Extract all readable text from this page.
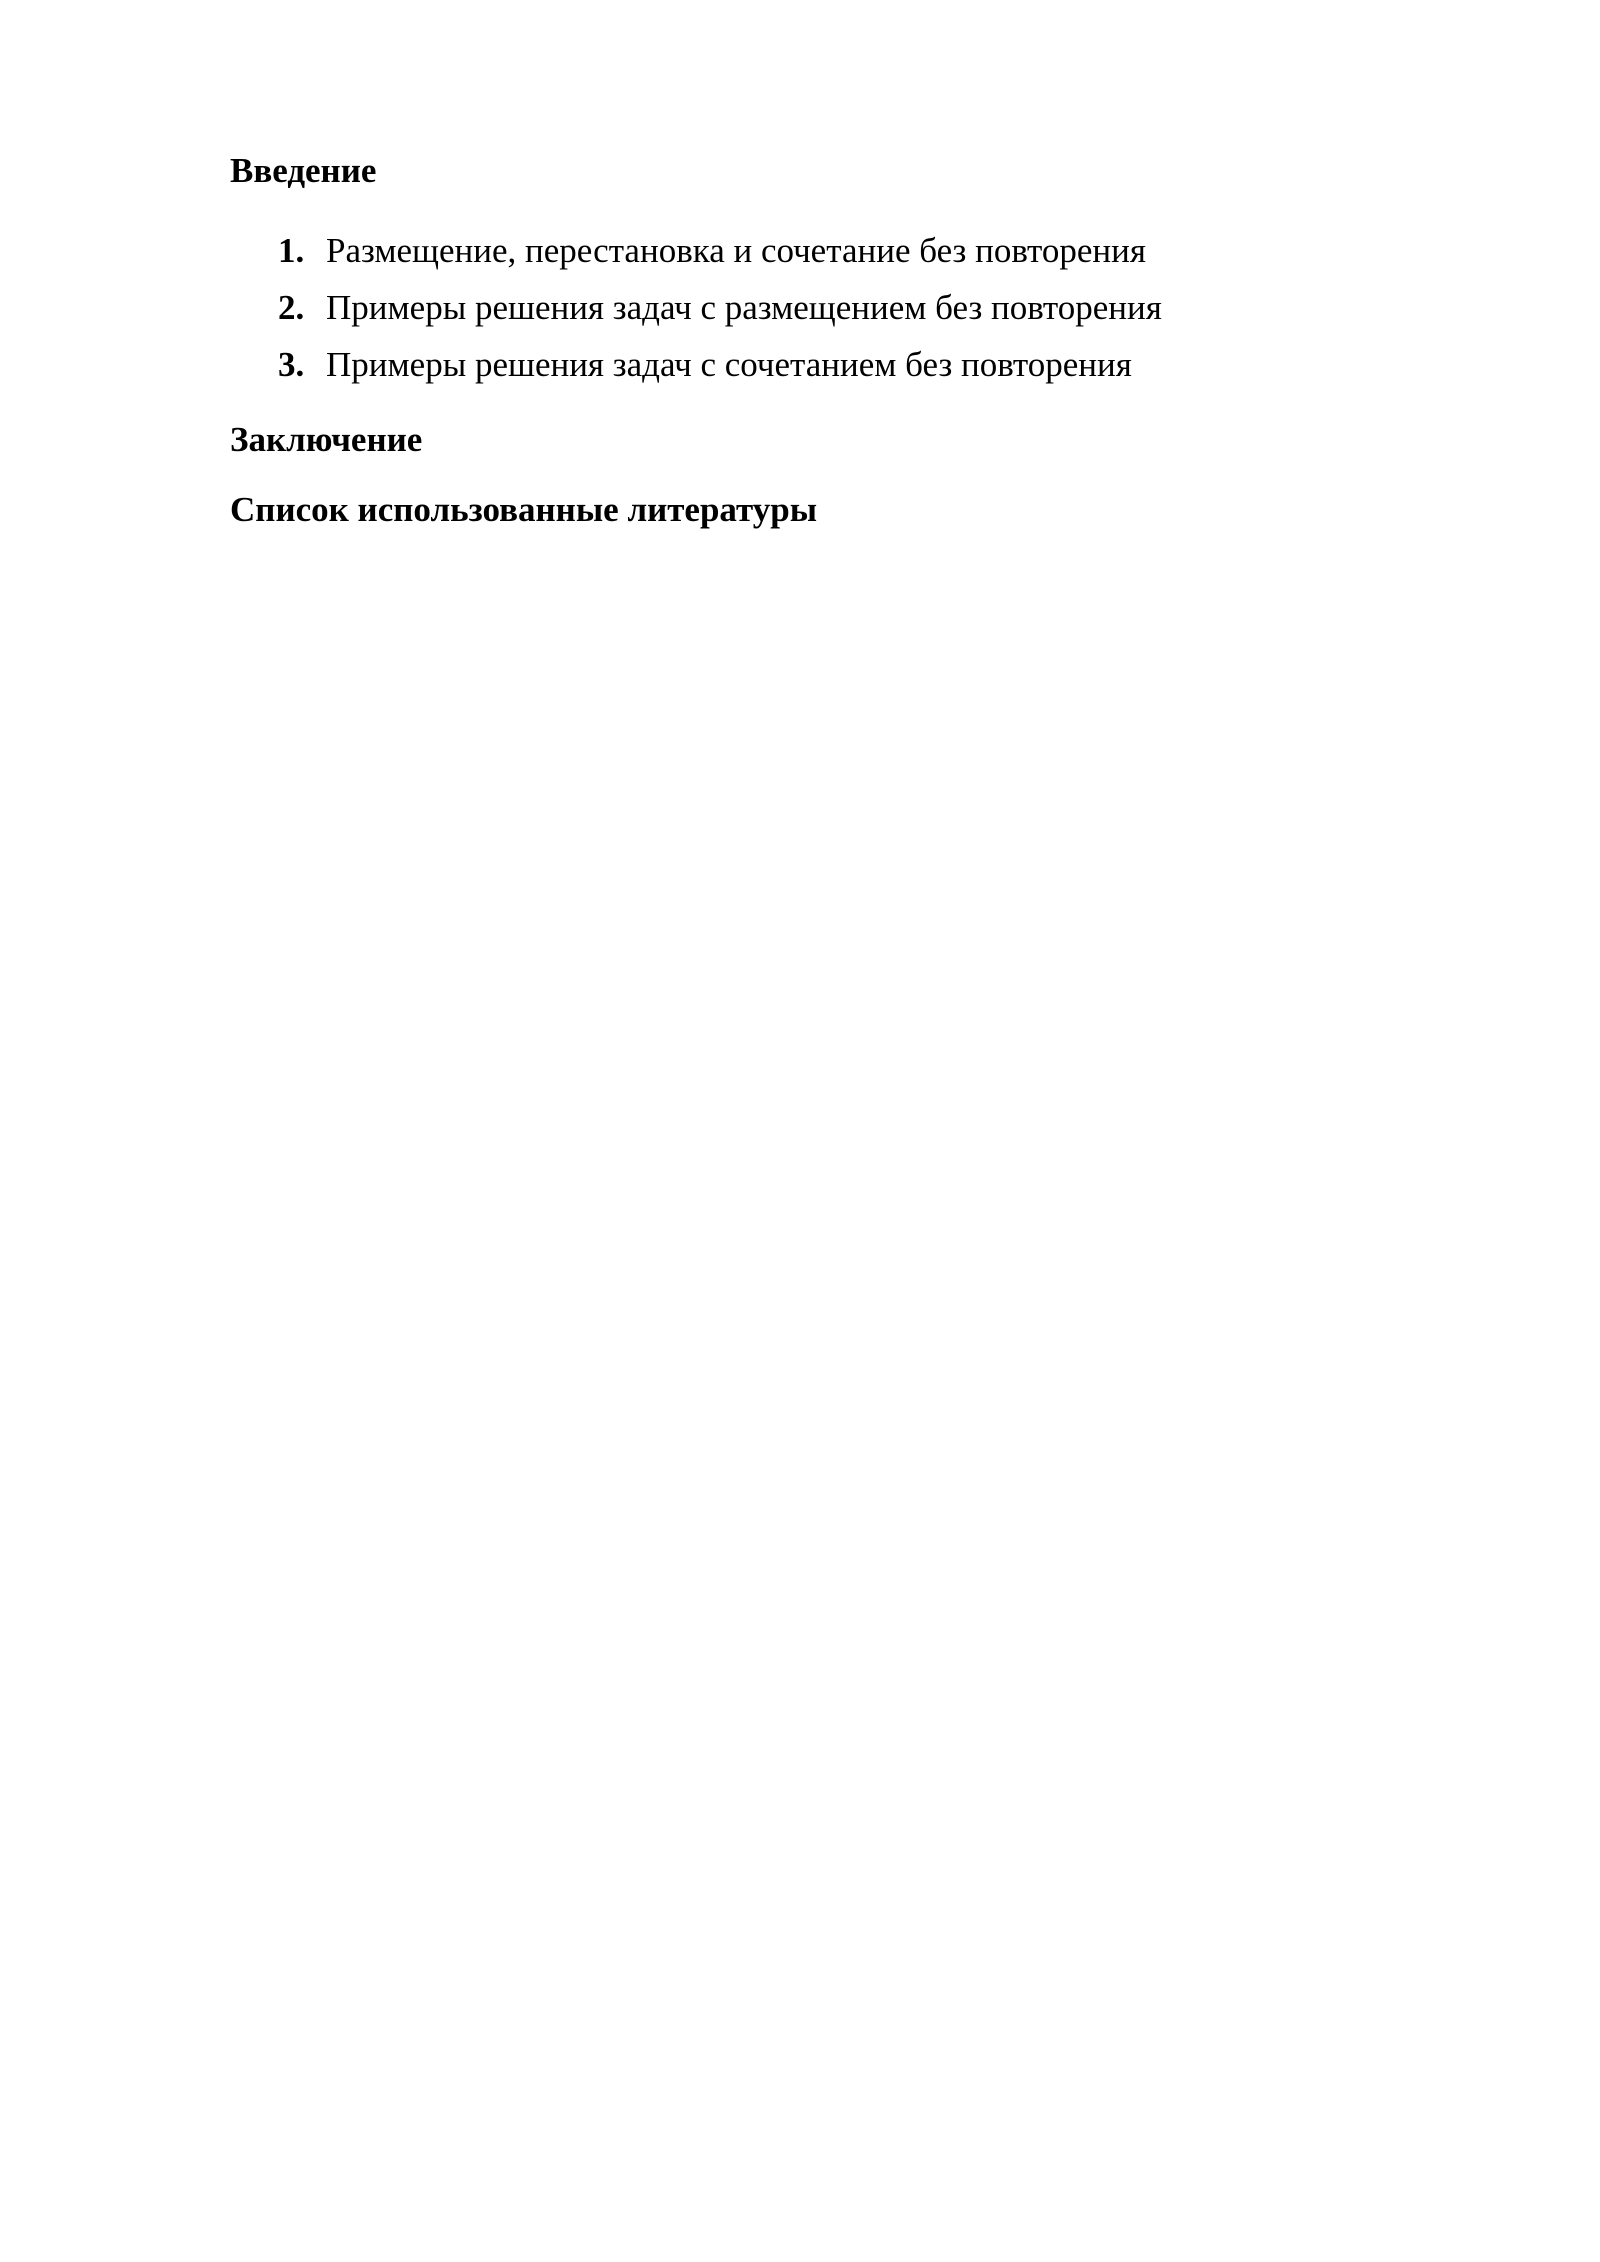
Введение

1. Размещение, перестановка и сочетание без повторения
2. Примеры решения задач с размещением без повторения
3. Примеры решения задач с сочетанием без повторения

Заключение

Список использованные литературы
